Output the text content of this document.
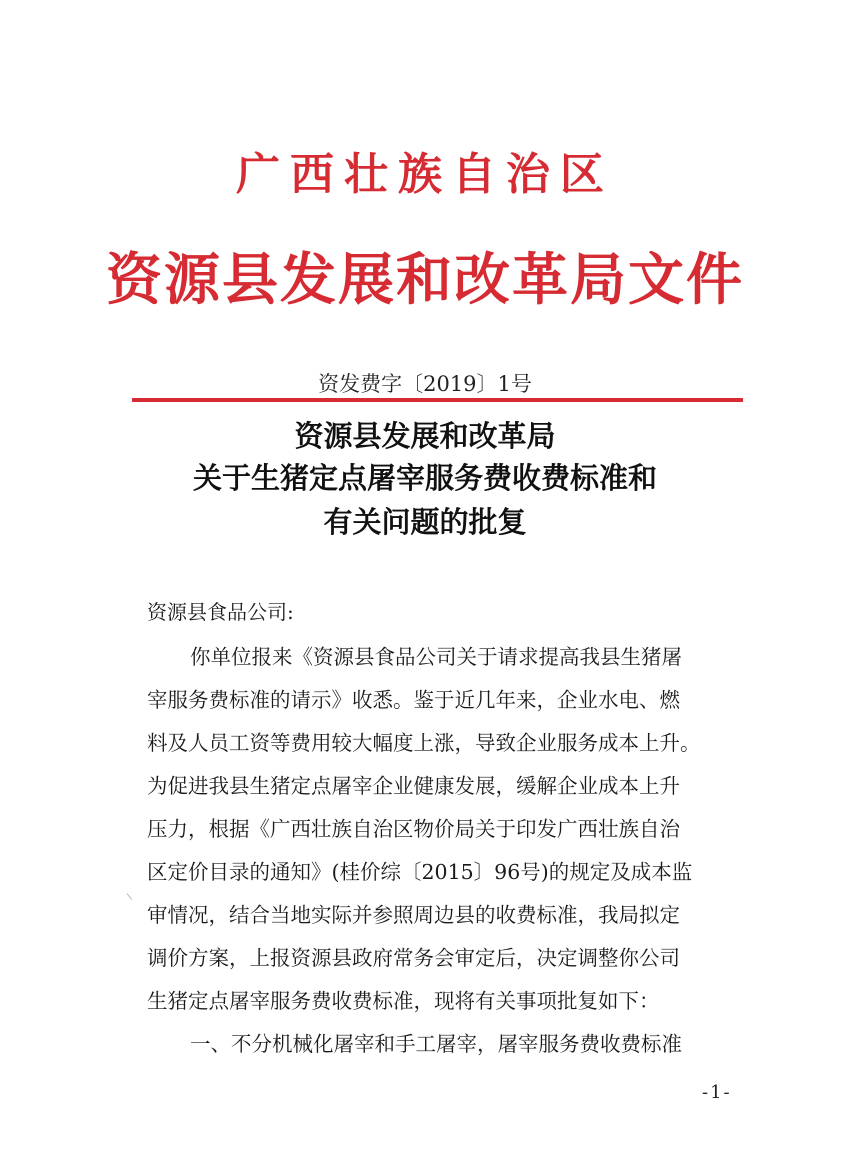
广西壮族自治区
资源县发展和改革局文件
资发费字〔2019〕1号
资源县发展和改革局
关于生猪定点屠宰服务费收费标准和
有关问题的批复
资源县食品公司:
你单位报来《资源县食品公司关于请求提高我县生猪屠
宰服务费标准的请示》收悉。鉴于近几年来，企业水电、燃
料及人员工资等费用较大幅度上涨，导致企业服务成本上升。
为促进我县生猪定点屠宰企业健康发展，缓解企业成本上升
压力，根据《广西壮族自治区物价局关于印发广西壮族自治
区定价目录的通知》(桂价综〔2015〕96号)的规定及成本监
审情况，结合当地实际并参照周边县的收费标准，我局拟定
调价方案，上报资源县政府常务会审定后，决定调整你公司
生猪定点屠宰服务费收费标准，现将有关事项批复如下：
一、不分机械化屠宰和手工屠宰，屠宰服务费收费标准
-1-
